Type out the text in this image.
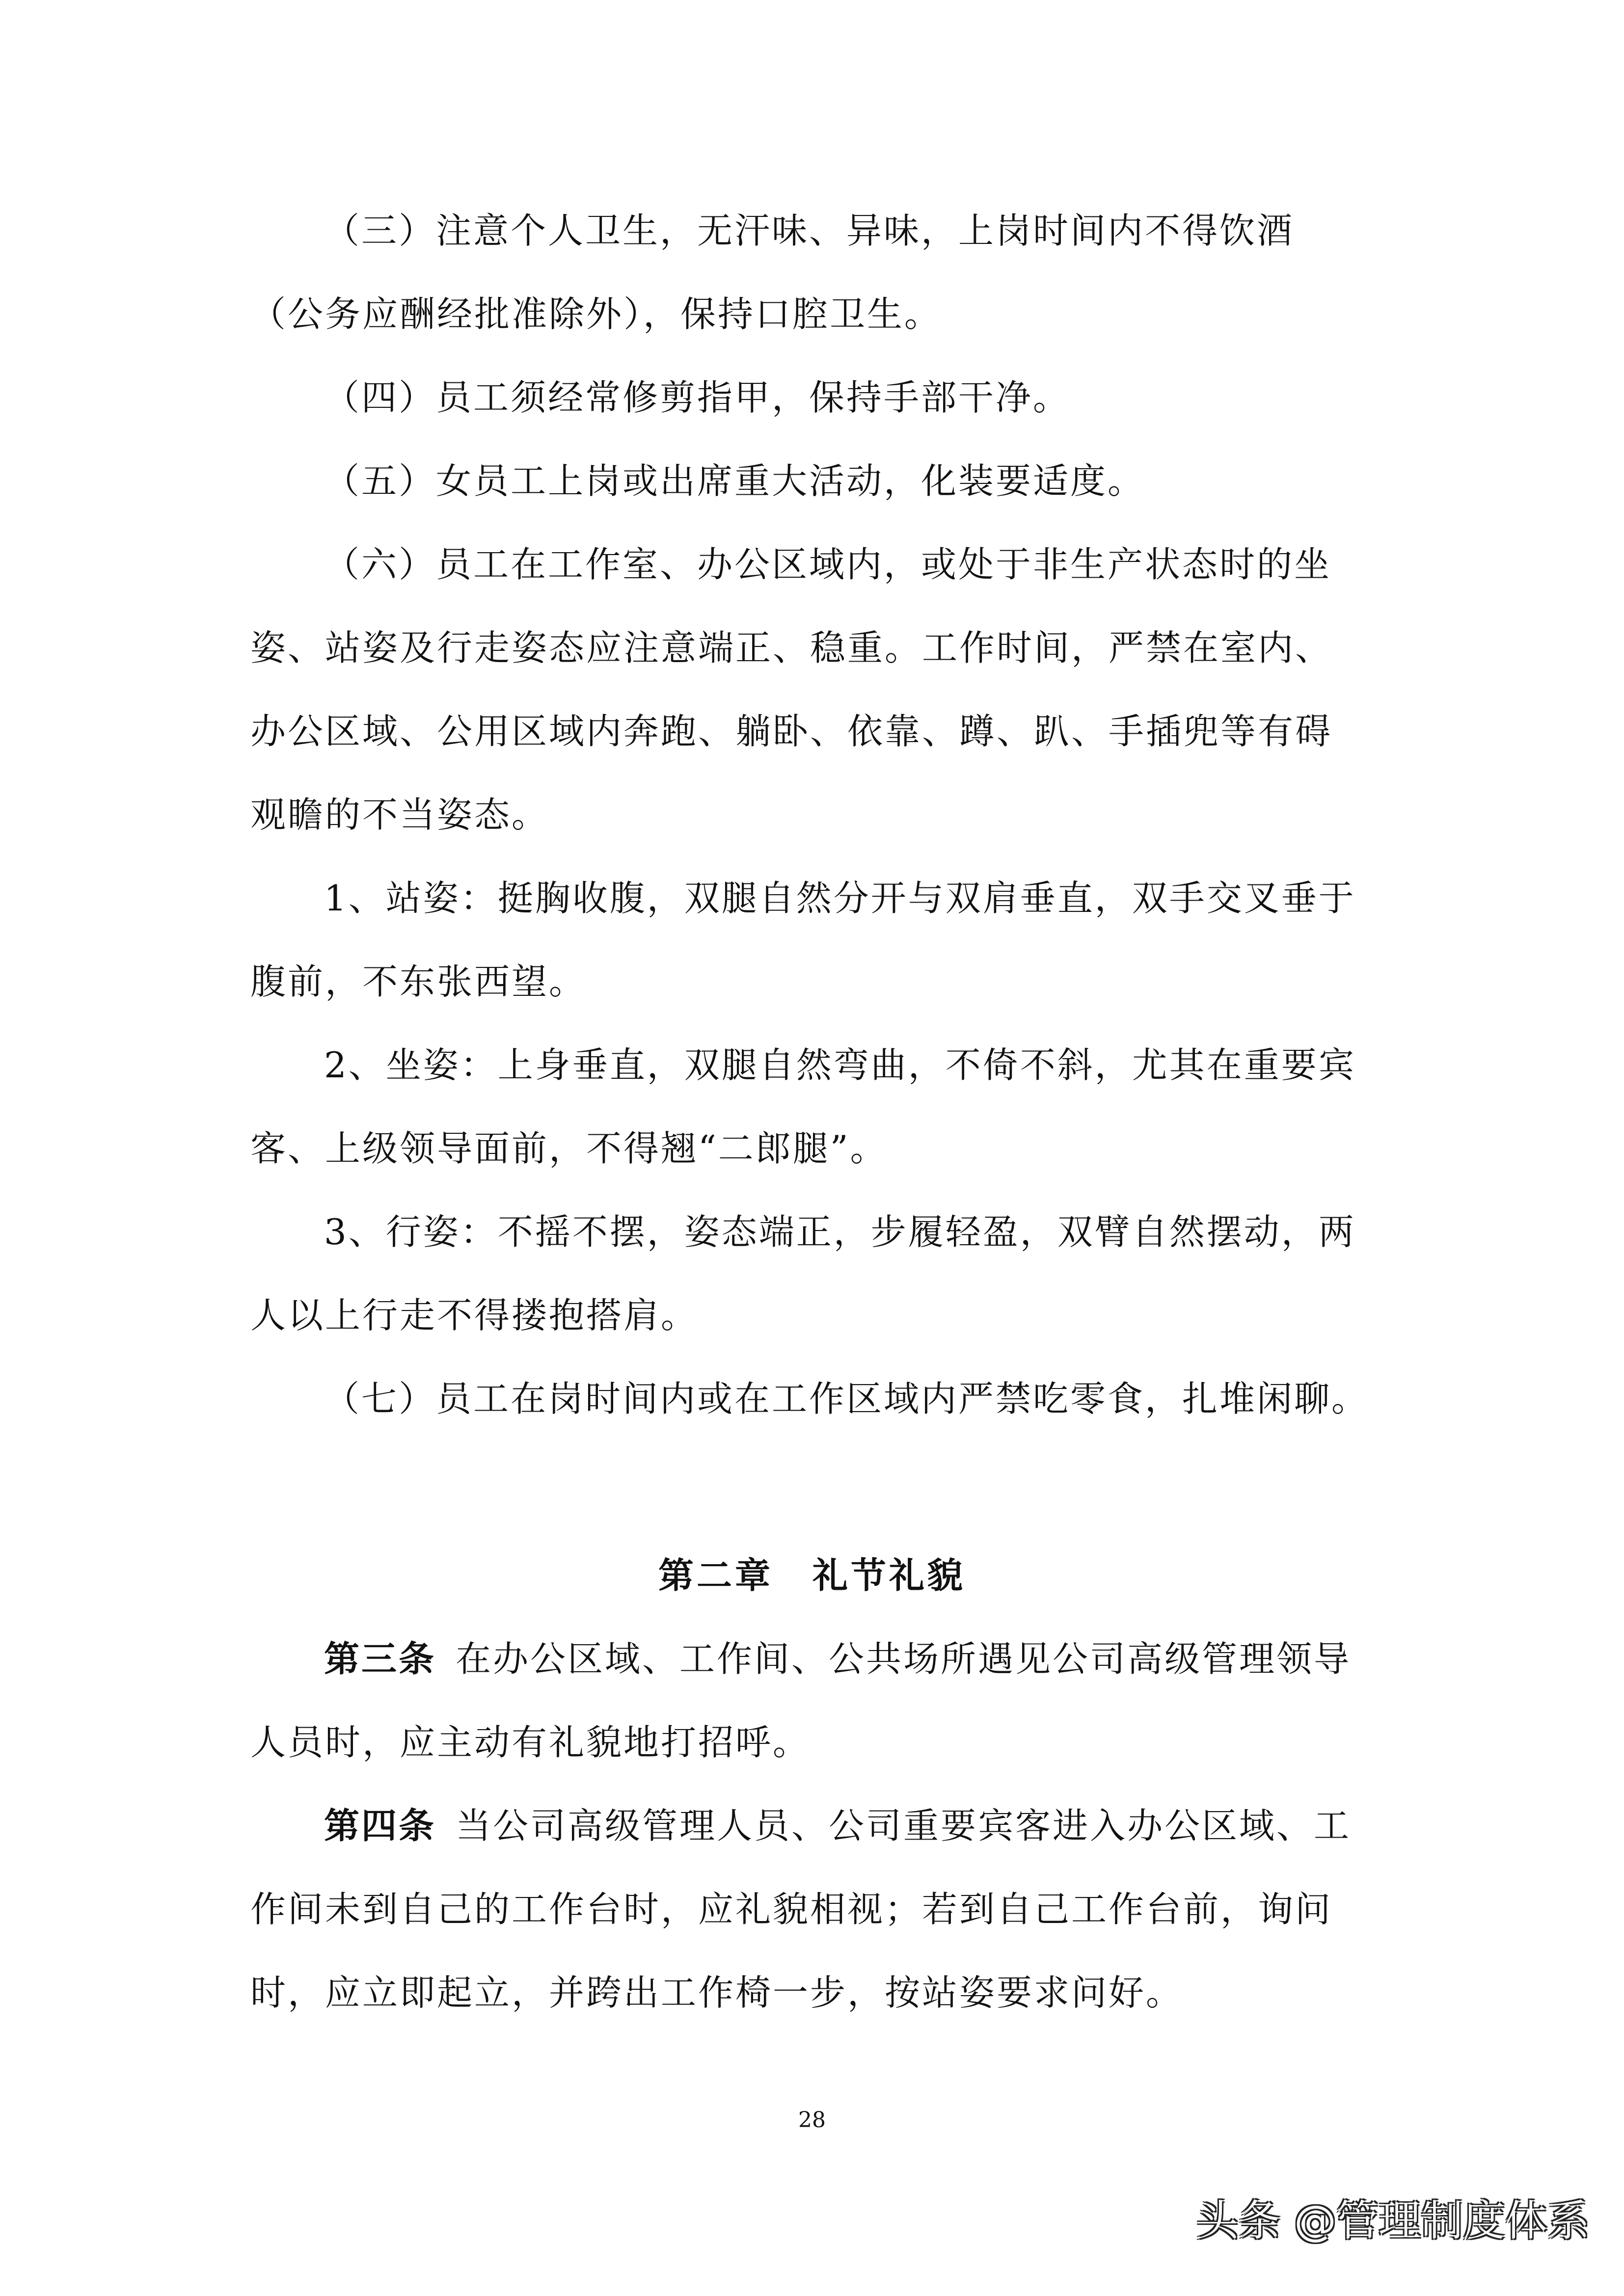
（三）注意个人卫生，无汗味、异味，上岗时间内不得饮酒
（公务应酬经批准除外），保持口腔卫生。
（四）员工须经常修剪指甲，保持手部干净。
（五）女员工上岗或出席重大活动，化装要适度。
（六）员工在工作室、办公区域内，或处于非生产状态时的坐
姿、站姿及行走姿态应注意端正、稳重。工作时间，严禁在室内、
办公区域、公用区域内奔跑、躺卧、依靠、蹲、趴、手插兜等有碍
观瞻的不当姿态。
1、站姿：挺胸收腹，双腿自然分开与双肩垂直，双手交叉垂于
腹前，不东张西望。
2、坐姿：上身垂直，双腿自然弯曲，不倚不斜，尤其在重要宾
客、上级领导面前，不得翘“二郎腿”。
3、行姿：不摇不摆，姿态端正，步履轻盈，双臂自然摆动，两
人以上行走不得搂抱搭肩。
（七）员工在岗时间内或在工作区域内严禁吃零食，扎堆闲聊。
第二章 礼节礼貌
第三条 在办公区域、工作间、公共场所遇见公司高级管理领导
人员时，应主动有礼貌地打招呼。
第四条 当公司高级管理人员、公司重要宾客进入办公区域、工
作间未到自己的工作台时，应礼貌相视；若到自己工作台前，询问
时，应立即起立，并跨出工作椅一步，按站姿要求问好。
28
头条 @管理制度体系
